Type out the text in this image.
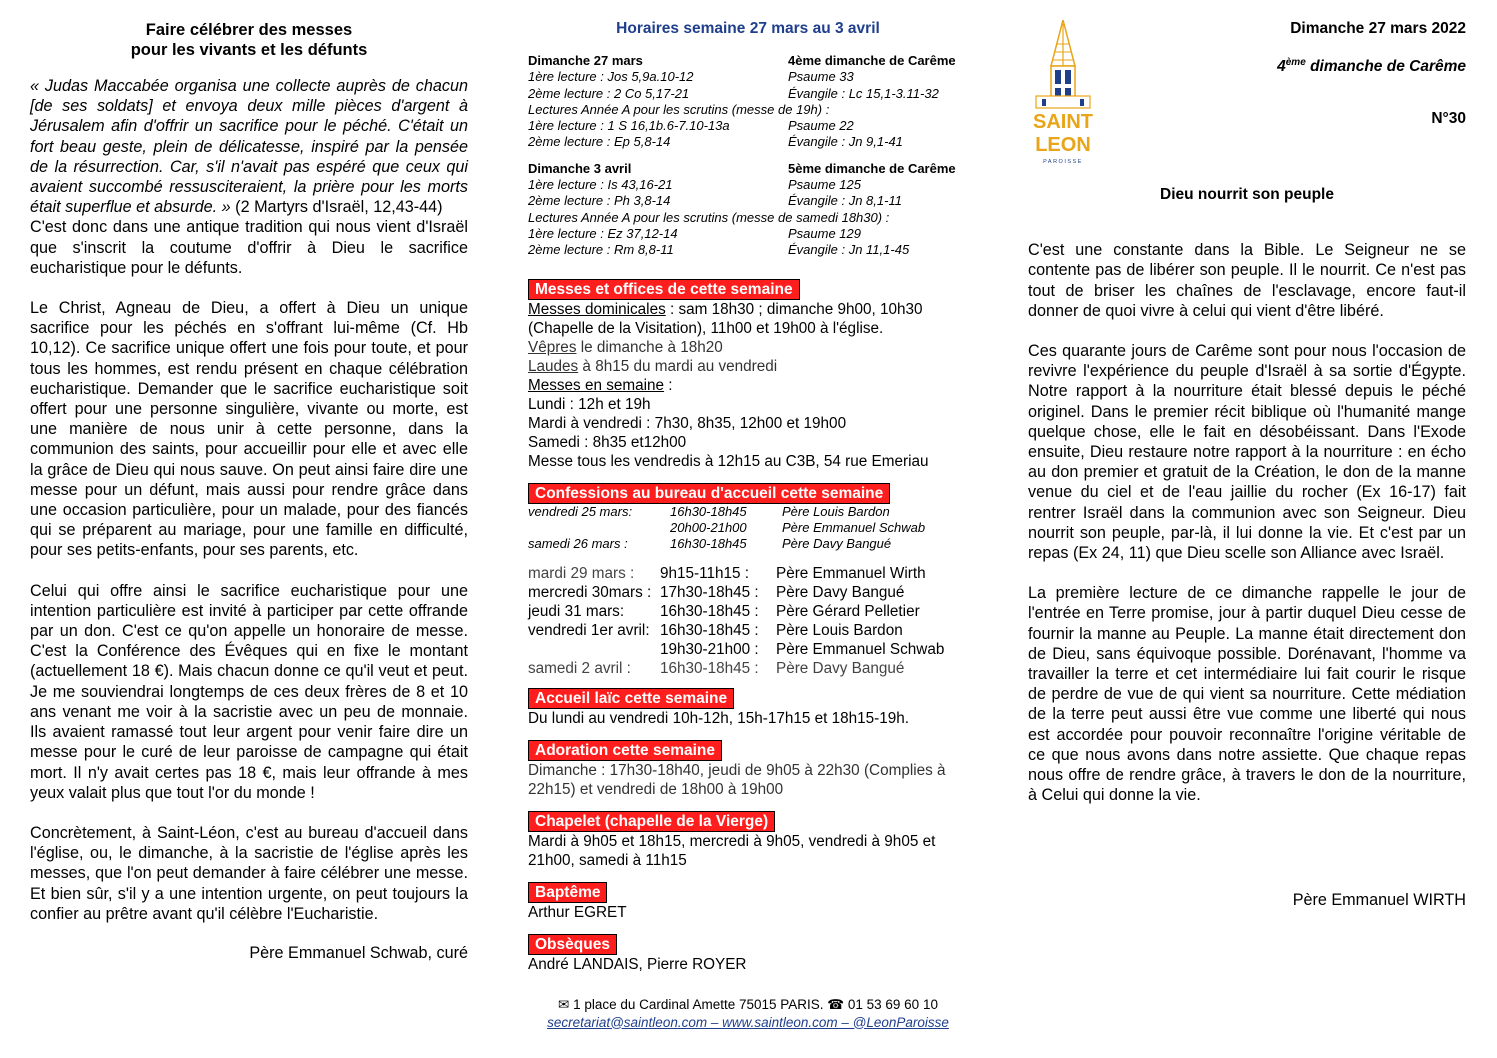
Faire célébrer des messes

pour les vivants et les défunts

« Judas Maccabée organisa une collecte auprès de chacun [de ses soldats] et envoya deux mille pièces d'argent à Jérusalem afin d'offrir un sacrifice pour le péché. C'était un fort beau geste, plein de délicatesse, inspiré par la pensée de la résurrection. Car, s'il n'avait pas espéré que ceux qui avaient succombé ressusciteraient, la prière pour les morts était superflue et absurde. » (2 Martyrs d'Israël, 12,43-44)

C'est donc dans une antique tradition qui nous vient d'Israël que s'inscrit la coutume d'offrir à Dieu le sacrifice eucharistique pour le défunts.

Le Christ, Agneau de Dieu, a offert à Dieu un unique sacrifice pour les péchés en s'offrant lui-même (Cf. Hb 10,12). Ce sacrifice unique offert une fois pour toute, et pour tous les hommes, est rendu présent en chaque célébration eucharistique. Demander que le sacrifice eucharistique soit offert pour une personne singulière, vivante ou morte, est une manière de nous unir à cette personne, dans la communion des saints, pour accueillir pour elle et avec elle la grâce de Dieu qui nous sauve. On peut ainsi faire dire une messe pour un défunt, mais aussi pour rendre grâce dans une occasion particulière, pour un malade, pour des fiancés qui se préparent au mariage, pour une famille en difficulté, pour ses petits-enfants, pour ses parents, etc.

Celui qui offre ainsi le sacrifice eucharistique pour une intention particulière est invité à participer par cette offrande par un don. C'est ce qu'on appelle un honoraire de messe. C'est la Conférence des Évêques qui en fixe le montant (actuellement 18 €). Mais chacun donne ce qu'il veut et peut. Je me souviendrai longtemps de ces deux frères de 8 et 10 ans venant me voir à la sacristie avec un peu de monnaie. Ils avaient ramassé tout leur argent pour venir faire dire un messe pour le curé de leur paroisse de campagne qui était mort. Il n'y avait certes pas 18 €, mais leur offrande à mes yeux valait plus que tout l'or du monde !

Concrètement, à Saint-Léon, c'est au bureau d'accueil dans l'église, ou, le dimanche, à la sacristie de l'église après les messes, que l'on peut demander à faire célébrer une messe. Et bien sûr, s'il y a une intention urgente, on peut toujours la confier au prêtre avant qu'il célèbre l'Eucharistie.

Père Emmanuel Schwab, curé

Horaires semaine 27 mars au 3 avril

Dimanche 27 mars	4ème dimanche de Carême
1ère lecture : Jos 5,9a.10-12	Psaume 33
2ème lecture : 2 Co 5,17-21	Évangile : Lc 15,1-3.11-32
Lectures Année A pour les scrutins (messe de 19h) :
1ère lecture : 1 S 16,1b.6-7.10-13a	Psaume 22
2ème lecture : Ep 5,8-14	Évangile : Jn 9,1-41
Dimanche 3 avril	5ème dimanche de Carême
1ère lecture : Is 43,16-21	Psaume 125
2ème lecture : Ph 3,8-14	Évangile : Jn 8,1-11
Lectures Année A pour les scrutins (messe de samedi 18h30) :
1ère lecture : Ez 37,12-14	Psaume 129
2ème lecture : Rm 8,8-11	Évangile : Jn 11,1-45
Messes et offices de cette semaine

Messes dominicales : sam 18h30 ; dimanche 9h00, 10h30 (Chapelle de la Visitation), 11h00 et 19h00 à l'église.

Vêpres le dimanche à 18h20

Laudes à 8h15 du mardi au vendredi

Messes en semaine :

Lundi : 12h et 19h

Mardi à vendredi : 7h30, 8h35, 12h00 et 19h00

Samedi : 8h35 et12h00

Messe tous les vendredis à 12h15 au C3B, 54 rue Emeriau

Confessions au bureau d'accueil cette semaine
vendredi 25 mars:	16h30-18h45	Père Louis Bardon
20h00-21h00	Père Emmanuel Schwab
samedi 26 mars :	16h30-18h45	Père Davy Bangué
mardi 29 mars :	9h15-11h15 :	Père Emmanuel Wirth
mercredi 30mars : 17h30-18h45 :	Père Davy Bangué
jeudi 31 mars:	16h30-18h45 :	Père Gérard Pelletier
vendredi 1er avril: 16h30-18h45 :	Père Louis Bardon
19h30-21h00 :	Père Emmanuel Schwab
samedi 2 avril :	16h30-18h45 :	Père Davy Bangué
Accueil laïc cette semaine

Du lundi au vendredi 10h-12h, 15h-17h15 et 18h15-19h.

Adoration cette semaine

Dimanche : 17h30-18h40, jeudi de 9h05 à 22h30 (Complies à 22h15) et vendredi de 18h00 à 19h00

Chapelet (chapelle de la Vierge)

Mardi à 9h05 et 18h15, mercredi à 9h05, vendredi à 9h05 et 21h00, samedi à 11h15

Baptême

Arthur EGRET

Obsèques

André LANDAIS, Pierre ROYER

✉ 1 place du Cardinal Amette 75015 PARIS. ☎ 01 53 69 60 10
secretariat@saintleon.com – www.saintleon.com – @LeonParoisse
SAINT
LEON
PAROISSE

Dimanche 27 mars 2022

4ème dimanche de Carême

N°30

Dieu nourrit son peuple

C'est une constante dans la Bible. Le Seigneur ne se contente pas de libérer son peuple. Il le nourrit. Ce n'est pas tout de briser les chaînes de l'esclavage, encore faut-il donner de quoi vivre à celui qui vient d'être libéré.

Ces quarante jours de Carême sont pour nous l'occasion de revivre l'expérience du peuple d'Israël à sa sortie d'Égypte. Notre rapport à la nourriture était blessé depuis le péché originel. Dans le premier récit biblique où l'humanité mange quelque chose, elle le fait en désobéissant. Dans l'Exode ensuite, Dieu restaure notre rapport à la nourriture : en écho au don premier et gratuit de la Création, le don de la manne venue du ciel et de l'eau jaillie du rocher (Ex 16-17) fait rentrer Israël dans la communion avec son Seigneur. Dieu nourrit son peuple, par-là, il lui donne la vie. Et c'est par un repas (Ex 24, 11) que Dieu scelle son Alliance avec Israël.

La première lecture de ce dimanche rappelle le jour de l'entrée en Terre promise, jour à partir duquel Dieu cesse de fournir la manne au Peuple. La manne était directement don de Dieu, sans équivoque possible. Dorénavant, l'homme va travailler la terre et cet intermédiaire lui fait courir le risque de perdre de vue de qui vient sa nourriture. Cette médiation de la terre peut aussi être vue comme une liberté qui nous est accordée pour pouvoir reconnaître l'origine véritable de ce que nous avons dans notre assiette. Que chaque repas nous offre de rendre grâce, à travers le don de la nourriture, à Celui qui donne la vie.

Père Emmanuel WIRTH
